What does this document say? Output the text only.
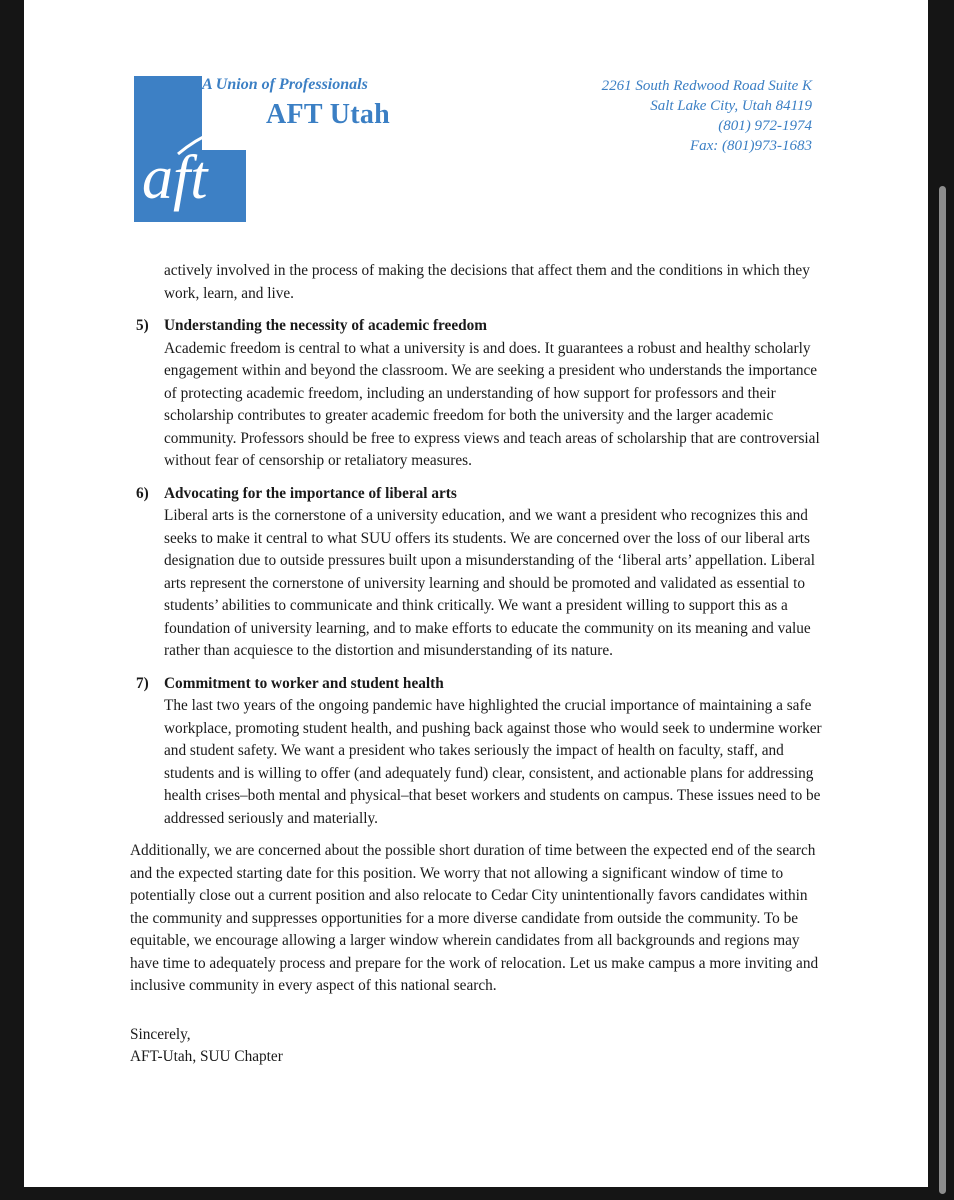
aft
A Union of Professionals
AFT Utah
2261 South Redwood Road Suite K
Salt Lake City, Utah 84119
(801) 972-1974
Fax: (801)973-1683

actively involved in the process of making the decisions that affect them and the conditions in which they work, learn, and live.

5) Understanding the necessity of academic freedom

Academic freedom is central to what a university is and does. It guarantees a robust and healthy scholarly engagement within and beyond the classroom. We are seeking a president who understands the importance of protecting academic freedom, including an understanding of how support for professors and their scholarship contributes to greater academic freedom for both the university and the larger academic community. Professors should be free to express views and teach areas of scholarship that are controversial without fear of censorship or retaliatory measures.

6) Advocating for the importance of liberal arts

Liberal arts is the cornerstone of a university education, and we want a president who recognizes this and seeks to make it central to what SUU offers its students. We are concerned over the loss of our liberal arts designation due to outside pressures built upon a misunderstanding of the ‘liberal arts’ appellation. Liberal arts represent the cornerstone of university learning and should be promoted and validated as essential to students’ abilities to communicate and think critically. We want a president willing to support this as a foundation of university learning, and to make efforts to educate the community on its meaning and value rather than acquiesce to the distortion and misunderstanding of its nature.

7) Commitment to worker and student health

The last two years of the ongoing pandemic have highlighted the crucial importance of maintaining a safe workplace, promoting student health, and pushing back against those who would seek to undermine worker and student safety. We want a president who takes seriously the impact of health on faculty, staff, and students and is willing to offer (and adequately fund) clear, consistent, and actionable plans for addressing health crises–both mental and physical–that beset workers and students on campus. These issues need to be addressed seriously and materially.

Additionally, we are concerned about the possible short duration of time between the expected end of the search and the expected starting date for this position. We worry that not allowing a significant window of time to potentially close out a current position and also relocate to Cedar City unintentionally favors candidates within the community and suppresses opportunities for a more diverse candidate from outside the community. To be equitable, we encourage allowing a larger window wherein candidates from all backgrounds and regions may have time to adequately process and prepare for the work of relocation. Let us make campus a more inviting and inclusive community in every aspect of this national search.

Sincerely,
AFT-Utah, SUU Chapter
